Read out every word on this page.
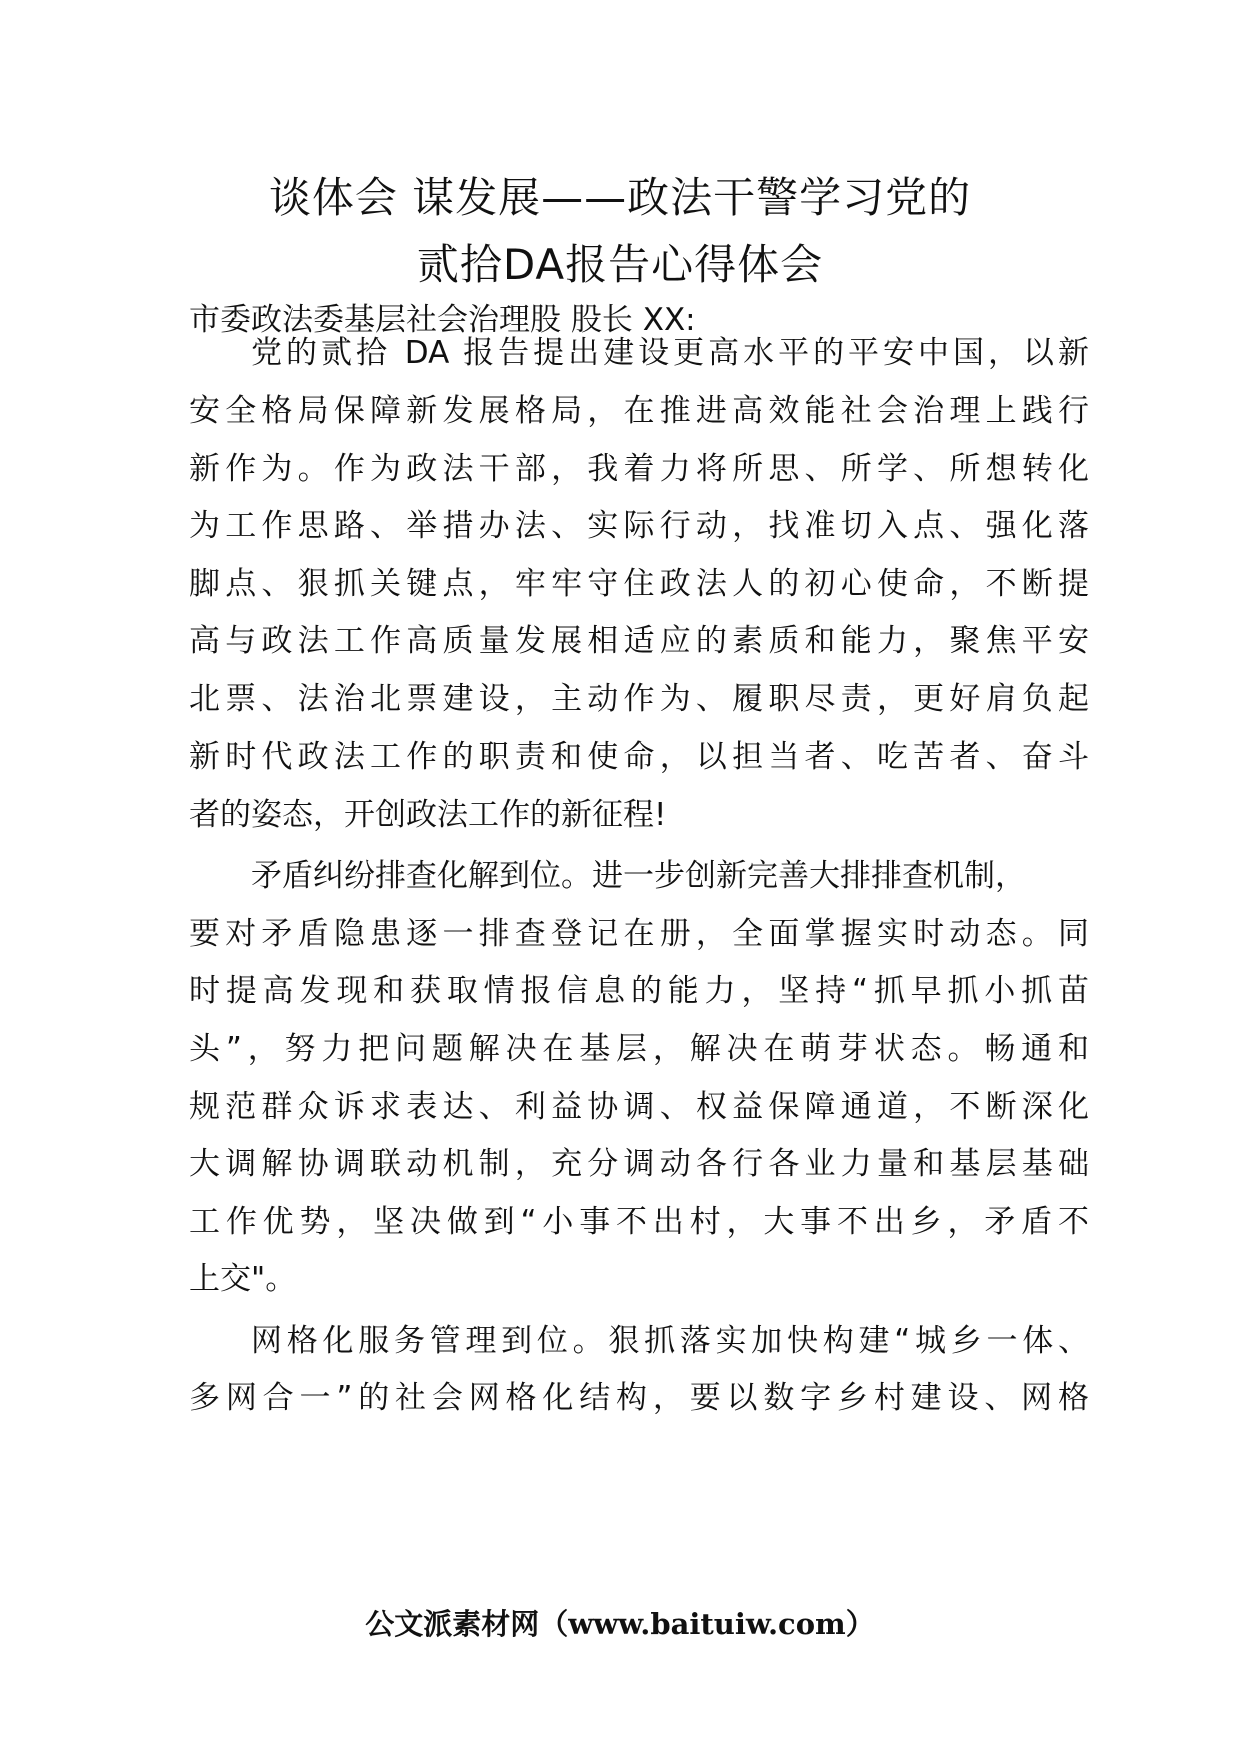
谈体会 谋发展——政法干警学习党的
贰拾DA报告心得体会
市委政法委基层社会治理股 股长 XX:
党的贰拾 DA 报告提出建设更高水平的平安中国，以新
安全格局保障新发展格局，在推进高效能社会治理上践行
新作为。作为政法干部，我着力将所思、所学、所想转化
为工作思路、举措办法、实际行动，找准切入点、强化落
脚点、狠抓关键点，牢牢守住政法人的初心使命，不断提
高与政法工作高质量发展相适应的素质和能力，聚焦平安
北票、法治北票建设，主动作为、履职尽责，更好肩负起
新时代政法工作的职责和使命，以担当者、吃苦者、奋斗
者的姿态，开创政法工作的新征程!
矛盾纠纷排查化解到位。进一步创新完善大排排查机制，
要对矛盾隐患逐一排查登记在册，全面掌握实时动态。同
时提高发现和获取情报信息的能力，坚持“抓早抓小抓苗
头”，努力把问题解决在基层，解决在萌芽状态。畅通和
规范群众诉求表达、利益协调、权益保障通道，不断深化
大调解协调联动机制，充分调动各行各业力量和基层基础
工作优势，坚决做到“小事不出村，大事不出乡，矛盾不
上交"。
网格化服务管理到位。狠抓落实加快构建“城乡一体、
多网合一”的社会网格化结构，要以数字乡村建设、网格
公文派素材网（www.baituiw.com）
